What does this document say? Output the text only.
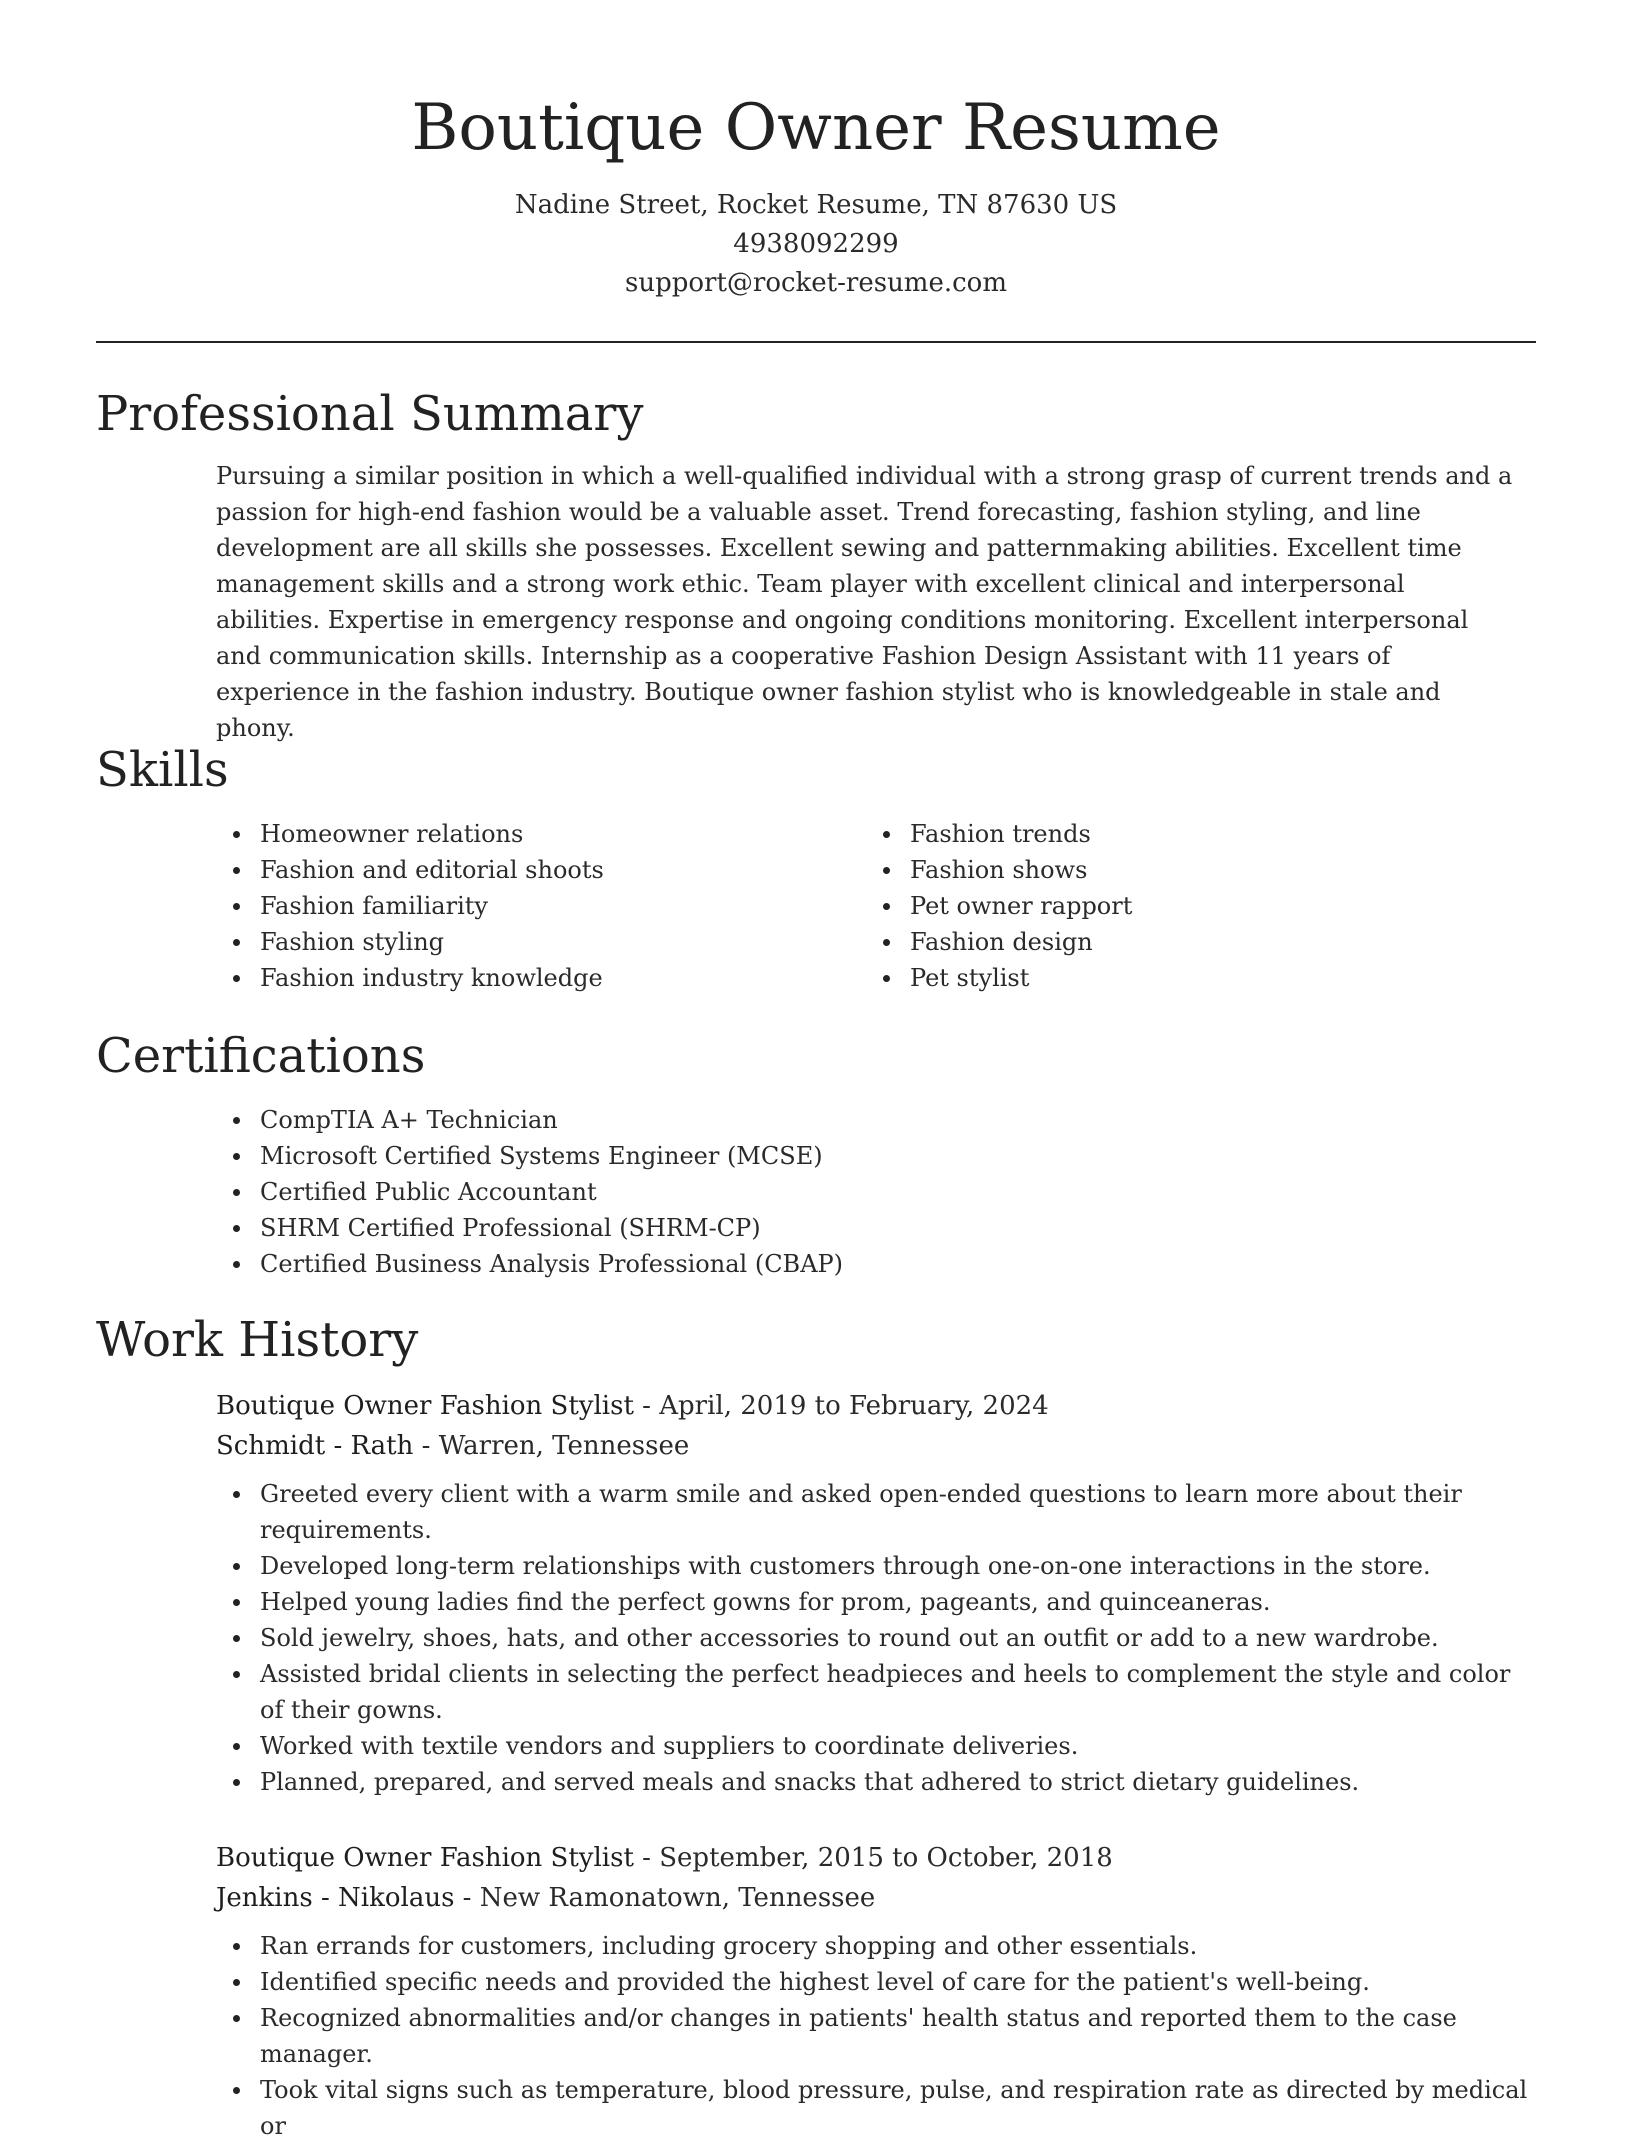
Boutique Owner Resume
Nadine Street, Rocket Resume, TN 87630 US
4938092299
support@rocket-resume.com
Professional Summary
Pursuing a similar position in which a well-qualified individual with a strong grasp of current trends and a passion for high-end fashion would be a valuable asset. Trend forecasting, fashion styling, and line development are all skills she possesses. Excellent sewing and patternmaking abilities. Excellent time management skills and a strong work ethic. Team player with excellent clinical and interpersonal abilities. Expertise in emergency response and ongoing conditions monitoring. Excellent interpersonal and communication skills. Internship as a cooperative Fashion Design Assistant with 11 years of experience in the fashion industry. Boutique owner fashion stylist who is knowledgeable in stale and phony.
Skills
Homeowner relations
Fashion and editorial shoots
Fashion familiarity
Fashion styling
Fashion industry knowledge
Fashion trends
Fashion shows
Pet owner rapport
Fashion design
Pet stylist
Certifications
CompTIA A+ Technician
Microsoft Certified Systems Engineer (MCSE)
Certified Public Accountant
SHRM Certified Professional (SHRM-CP)
Certified Business Analysis Professional (CBAP)
Work History
Boutique Owner Fashion Stylist - April, 2019 to February, 2024
Schmidt - Rath - Warren, Tennessee
Greeted every client with a warm smile and asked open-ended questions to learn more about their requirements.
Developed long-term relationships with customers through one-on-one interactions in the store.
Helped young ladies find the perfect gowns for prom, pageants, and quinceaneras.
Sold jewelry, shoes, hats, and other accessories to round out an outfit or add to a new wardrobe.
Assisted bridal clients in selecting the perfect headpieces and heels to complement the style and color of their gowns.
Worked with textile vendors and suppliers to coordinate deliveries.
Planned, prepared, and served meals and snacks that adhered to strict dietary guidelines.
Boutique Owner Fashion Stylist - September, 2015 to October, 2018
Jenkins - Nikolaus - New Ramonatown, Tennessee
Ran errands for customers, including grocery shopping and other essentials.
Identified specific needs and provided the highest level of care for the patient's well-being.
Recognized abnormalities and/or changes in patients' health status and reported them to the case manager.
Took vital signs such as temperature, blood pressure, pulse, and respiration rate as directed by medical or
